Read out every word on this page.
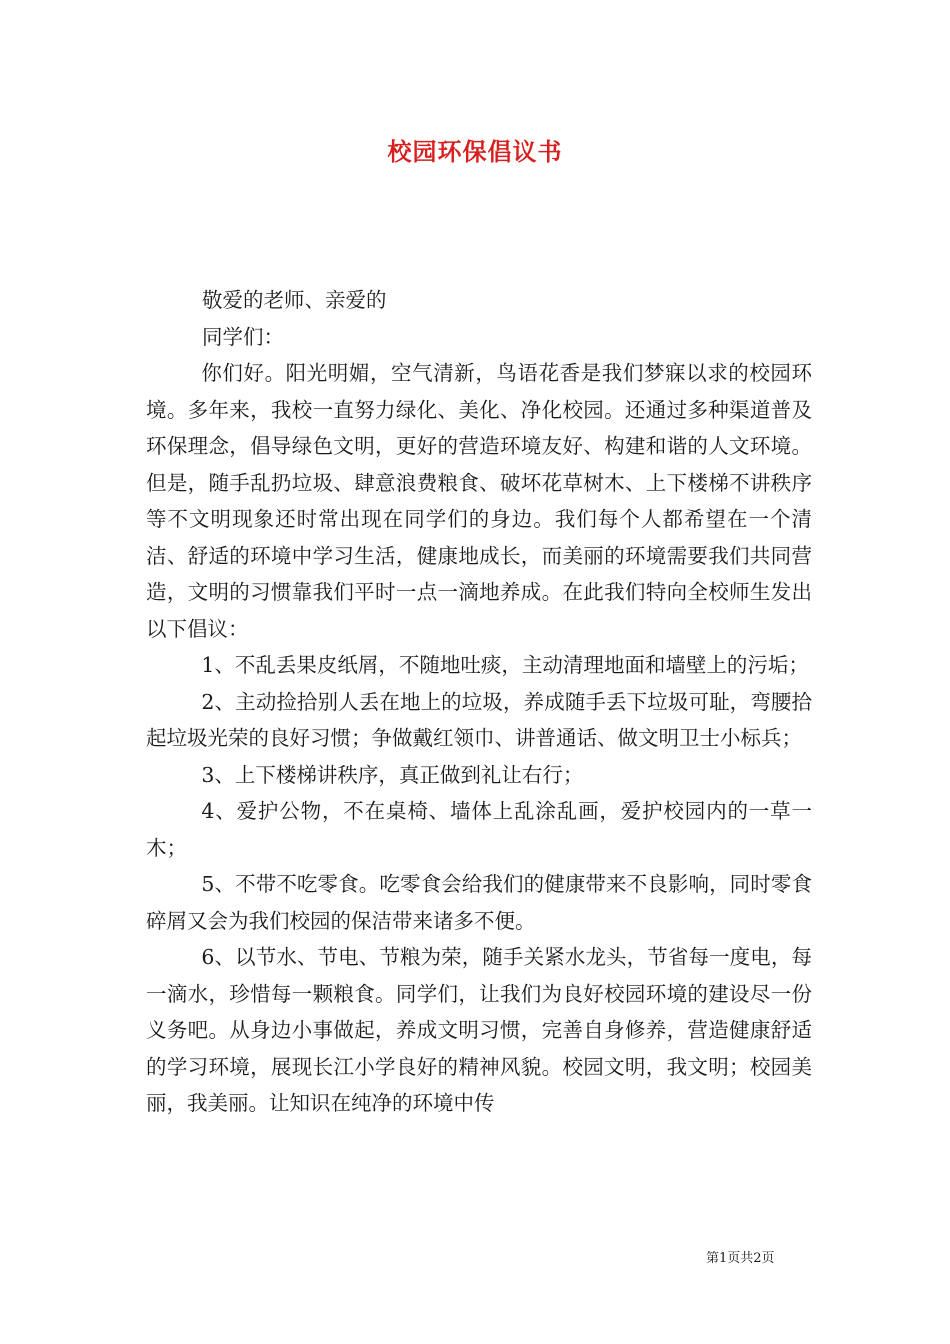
校园环保倡议书

敬爱的老师、亲爱的

同学们：

你们好。阳光明媚，空气清新，鸟语花香是我们梦寐以求的校园环境。多年来，我校一直努力绿化、美化、净化校园。还通过多种渠道普及环保理念，倡导绿色文明，更好的营造环境友好、构建和谐的人文环境。但是，随手乱扔垃圾、肆意浪费粮食、破坏花草树木、上下楼梯不讲秩序等不文明现象还时常出现在同学们的身边。我们每个人都希望在一个清洁、舒适的环境中学习生活，健康地成长，而美丽的环境需要我们共同营造，文明的习惯靠我们平时一点一滴地养成。在此我们特向全校师生发出以下倡议：

1、不乱丢果皮纸屑，不随地吐痰，主动清理地面和墙壁上的污垢；

2、主动捡拾别人丢在地上的垃圾，养成随手丢下垃圾可耻，弯腰拾起垃圾光荣的良好习惯；争做戴红领巾、讲普通话、做文明卫士小标兵；

3、上下楼梯讲秩序，真正做到礼让右行；

4、爱护公物，不在桌椅、墙体上乱涂乱画，爱护校园内的一草一木；

5、不带不吃零食。吃零食会给我们的健康带来不良影响，同时零食碎屑又会为我们校园的保洁带来诸多不便。

6、以节水、节电、节粮为荣，随手关紧水龙头，节省每一度电，每一滴水，珍惜每一颗粮食。同学们，让我们为良好校园环境的建设尽一份义务吧。从身边小事做起，养成文明习惯，完善自身修养，营造健康舒适的学习环境，展现长江小学良好的精神风貌。校园文明，我文明；校园美丽，我美丽。让知识在纯净的环境中传

第1页共2页
